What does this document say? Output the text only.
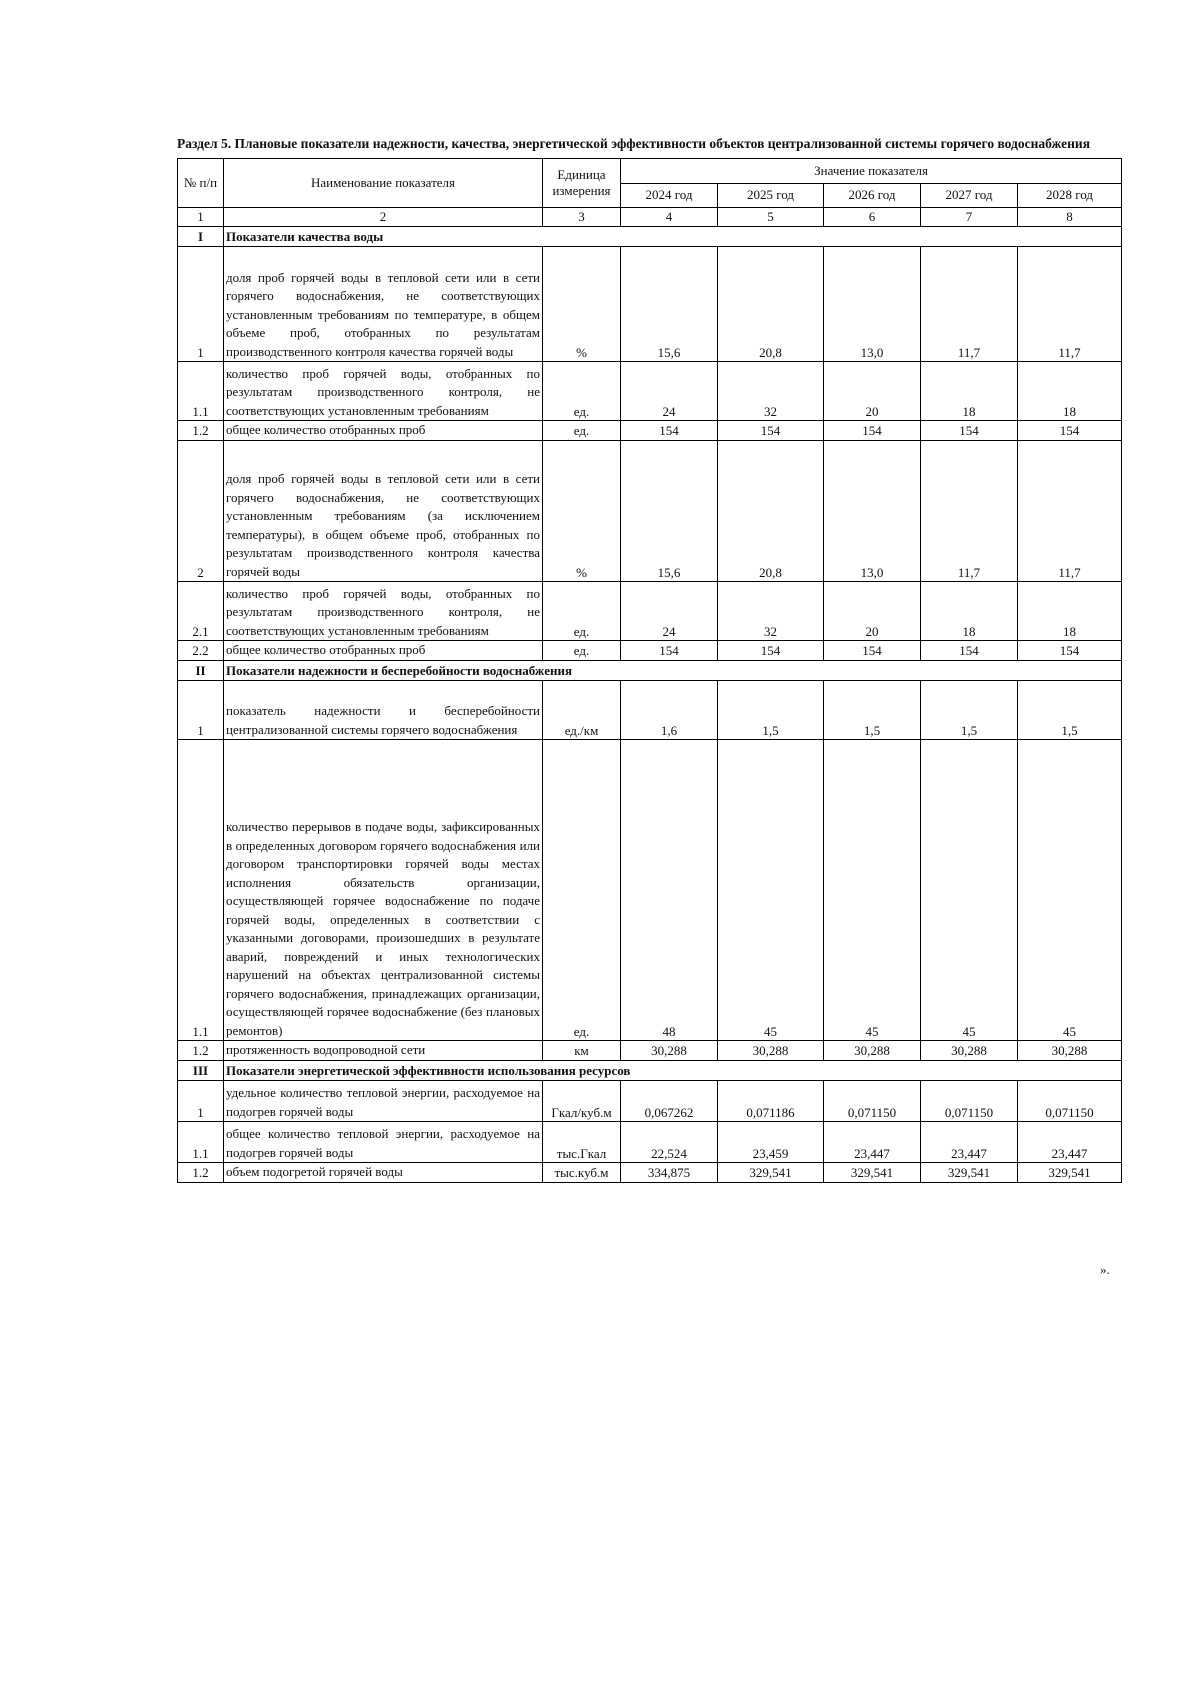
Раздел 5. Плановые показатели надежности, качества, энергетической эффективности объектов централизованной системы горячего водоснабжения

№ п/п	Наименование показателя	Единица измерения	Значение показателя				
			2024 год	2025 год	2026 год	2027 год	2028 год
1	2	3	4	5	6	7	8
I	Показатели качества воды						
1	доля проб горячей воды в тепловой сети или в сети горячего водоснабжения, не соответствующих установленным требованиям по температуре, в общем объеме проб, отобранных по результатам производственного контроля качества горячей воды	%	15,6	20,8	13,0	11,7	11,7
1.1	количество проб горячей воды, отобранных по результатам производственного контроля, не соответствующих установленным требованиям	ед.	24	32	20	18	18
1.2	общее количество отобранных проб	ед.	154	154	154	154	154
2	доля проб горячей воды в тепловой сети или в сети горячего водоснабжения, не соответствующих установленным требованиям (за исключением температуры), в общем объеме проб, отобранных по результатам производственного контроля качества горячей воды	%	15,6	20,8	13,0	11,7	11,7
2.1	количество проб горячей воды, отобранных по результатам производственного контроля, не соответствующих установленным требованиям	ед.	24	32	20	18	18
2.2	общее количество отобранных проб	ед.	154	154	154	154	154
II	Показатели надежности и бесперебойности водоснабжения						
1	показатель надежности и бесперебойности централизованной системы горячего водоснабжения	ед./км	1,6	1,5	1,5	1,5	1,5
1.1	количество перерывов в подаче воды, зафиксированных в определенных договором горячего водоснабжения или договором транспортировки горячей воды местах исполнения обязательств организации, осуществляющей горячее водоснабжение по подаче горячей воды, определенных в соответствии с указанными договорами, произошедших в результате аварий, повреждений и иных технологических нарушений на объектах централизованной системы горячего водоснабжения, принадлежащих организации, осуществляющей горячее водоснабжение (без плановых ремонтов)	ед.	48	45	45	45	45
1.2	протяженность водопроводной сети	км	30,288	30,288	30,288	30,288	30,288
III	Показатели энергетической эффективности использования ресурсов						
1	удельное количество тепловой энергии, расходуемое на подогрев горячей воды	Гкал/куб.м	0,067262	0,071186	0,071150	0,071150	0,071150
1.1	общее количество тепловой энергии, расходуемое на подогрев горячей воды	тыс.Гкал	22,524	23,459	23,447	23,447	23,447
1.2	объем подогретой горячей воды	тыс.куб.м	334,875	329,541	329,541	329,541	329,541
».
